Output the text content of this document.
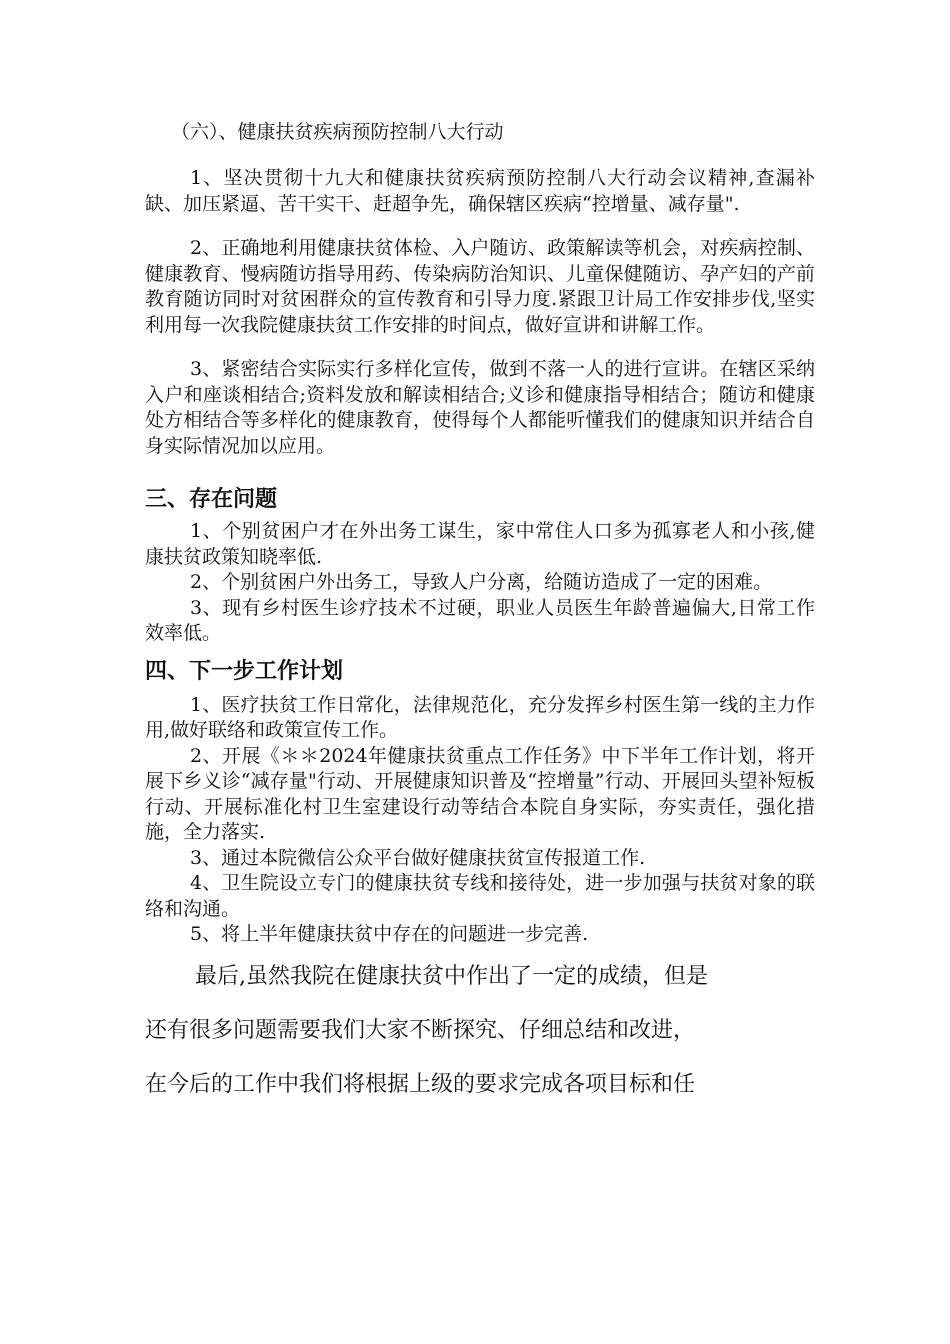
（六）、健康扶贫疾病预防控制八大行动

1、坚决贯彻十九大和健康扶贫疾病预防控制八大行动会议精神,查漏补缺、加压紧逼、苦干实干、赶超争先，确保辖区疾病“控增量、减存量".

2、正确地利用健康扶贫体检、入户随访、政策解读等机会，对疾病控制、健康教育、慢病随访指导用药、传染病防治知识、儿童保健随访、孕产妇的产前教育随访同时对贫困群众的宣传教育和引导力度.紧跟卫计局工作安排步伐,坚实利用每一次我院健康扶贫工作安排的时间点，做好宣讲和讲解工作。

3、紧密结合实际实行多样化宣传，做到不落一人的进行宣讲。在辖区采纳入户和座谈相结合;资料发放和解读相结合;义诊和健康指导相结合；随访和健康处方相结合等多样化的健康教育，使得每个人都能听懂我们的健康知识并结合自身实际情况加以应用。

三、存在问题

1、个别贫困户才在外出务工谋生，家中常住人口多为孤寡老人和小孩,健康扶贫政策知晓率低.

2、个别贫困户外出务工，导致人户分离，给随访造成了一定的困难。

3、现有乡村医生诊疗技术不过硬，职业人员医生年龄普遍偏大,日常工作效率低。

四、下一步工作计划

1、医疗扶贫工作日常化，法律规范化，充分发挥乡村医生第一线的主力作用,做好联络和政策宣传工作。

2、开展《＊＊2024年健康扶贫重点工作任务》中下半年工作计划，将开展下乡义诊“减存量"行动、开展健康知识普及“控增量”行动、开展回头望补短板行动、开展标准化村卫生室建设行动等结合本院自身实际，夯实责任，强化措施，全力落实.

3、通过本院微信公众平台做好健康扶贫宣传报道工作.

4、卫生院设立专门的健康扶贫专线和接待处，进一步加强与扶贫对象的联络和沟通。

5、将上半年健康扶贫中存在的问题进一步完善.

最后,虽然我院在健康扶贫中作出了一定的成绩，但是
还有很多问题需要我们大家不断探究、仔细总结和改进，
在今后的工作中我们将根据上级的要求完成各项目标和任
